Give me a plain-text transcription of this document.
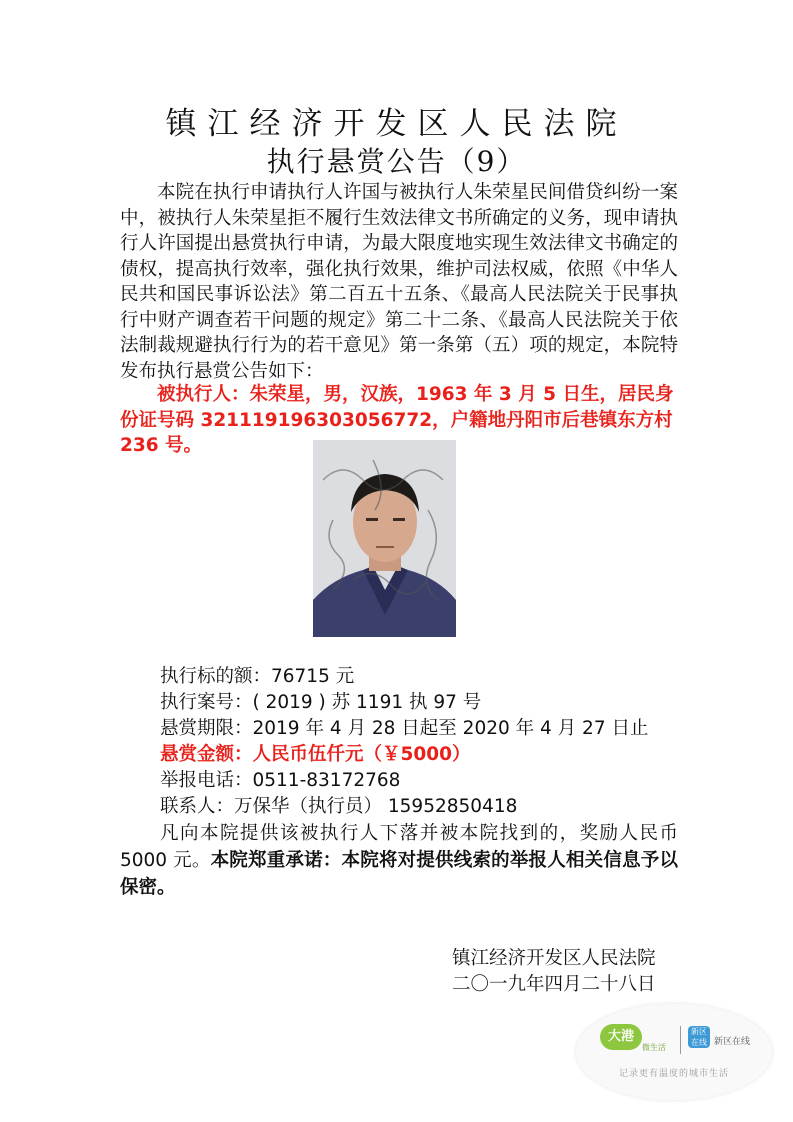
镇江经济开发区人民法院
执行悬赏公告（9）
本院在执行申请执行人许国与被执行人朱荣星民间借贷纠纷一案中，被执行人朱荣星拒不履行生效法律文书所确定的义务，现申请执行人许国提出悬赏执行申请，为最大限度地实现生效法律文书确定的债权，提高执行效率，强化执行效果，维护司法权威，依照《中华人民共和国民事诉讼法》第二百五十五条、《最高人民法院关于民事执行中财产调查若干问题的规定》第二十二条、《最高人民法院关于依法制裁规避执行行为的若干意见》第一条第（五）项的规定，本院特发布执行悬赏公告如下：
被执行人：朱荣星，男，汉族，1963 年 3 月 5 日生，居民身份证号码 321119196303056772，户籍地丹阳市后巷镇东方村 236 号。
执行标的额：76715 元
执行案号：( 2019 ) 苏 1191 执 97 号
悬赏期限：2019 年 4 月 28 日起至 2020 年 4 月 27 日止
悬赏金额：人民币伍仟元（￥5000）
举报电话：0511-83172768
联系人：万保华（执行员） 15952850418
凡向本院提供该被执行人下落并被本院找到的，奖励人民币 5000 元。本院郑重承诺：本院将对提供线索的举报人相关信息予以保密。
镇江经济开发区人民法院
二〇一九年四月二十八日
大港
微生活
新区在线 新区在线
记录更有温度的城市生活
